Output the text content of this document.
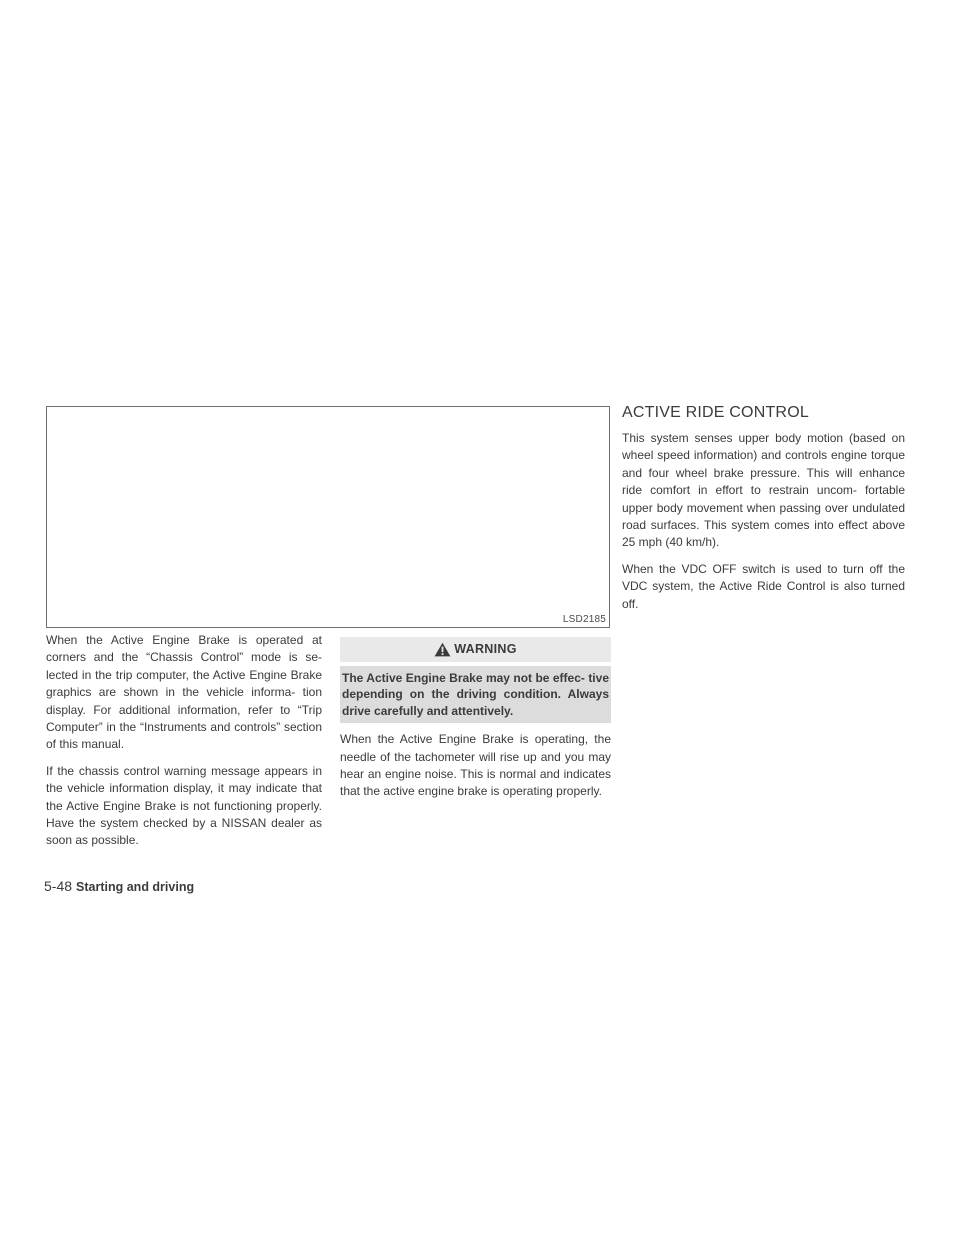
LSD2185

When the Active Engine Brake is operated at corners and the “Chassis Control” mode is se- lected in the trip computer, the Active Engine Brake graphics are shown in the vehicle informa- tion display. For additional information, refer to “Trip Computer” in the “Instruments and controls” section of this manual.

If the chassis control warning message appears in the vehicle information display, it may indicate that the Active Engine Brake is not functioning properly. Have the system checked by a NISSAN dealer as soon as possible.

WARNING
The Active Engine Brake may not be effec- tive depending on the driving condition. Always drive carefully and attentively.

When the Active Engine Brake is operating, the needle of the tachometer will rise up and you may hear an engine noise. This is normal and indicates that the active engine brake is operating properly.

ACTIVE RIDE CONTROL

This system senses upper body motion (based on wheel speed information) and controls engine torque and four wheel brake pressure. This will enhance ride comfort in effort to restrain uncom- fortable upper body movement when passing over undulated road surfaces. This system comes into effect above 25 mph (40 km/h).

When the VDC OFF switch is used to turn off the VDC system, the Active Ride Control is also turned off.

5-48 Starting and driving
